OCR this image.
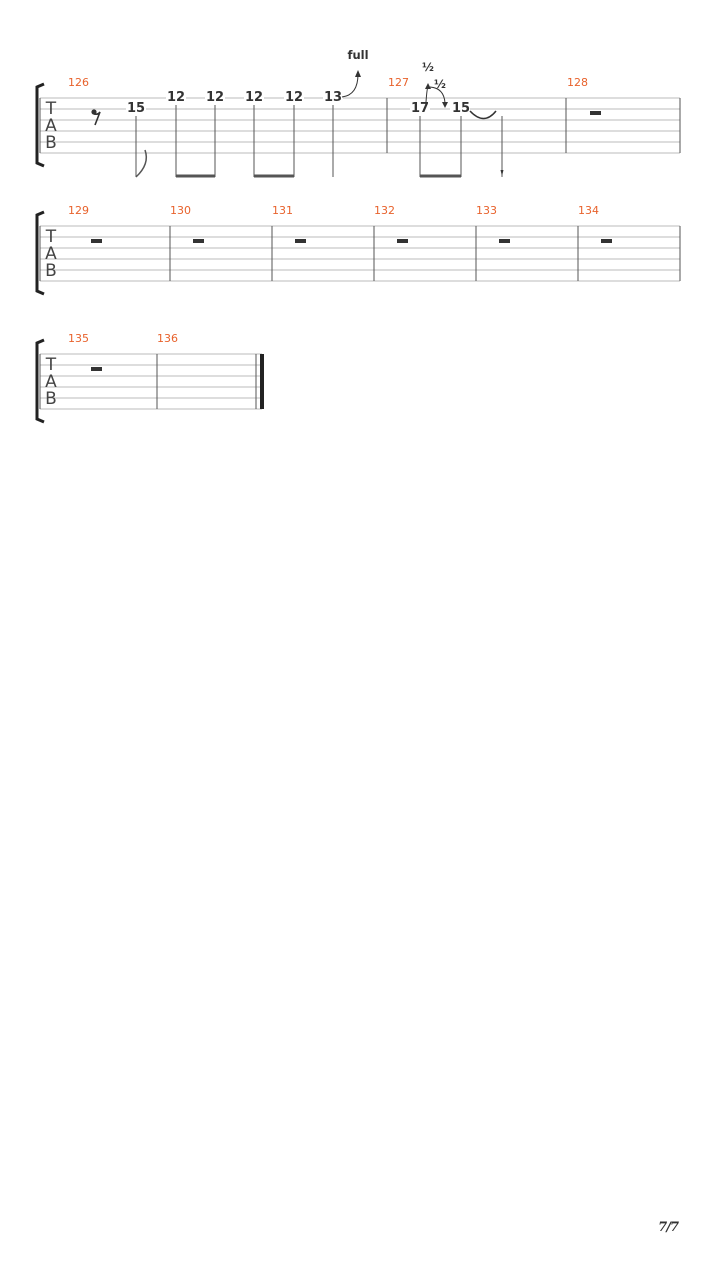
T
A
B
126	127	128
15
12 12 12 12 13
full
17 15
½
½
T
A
B
129	130	131	132	133	134
T
A
B
135	136
7/7
